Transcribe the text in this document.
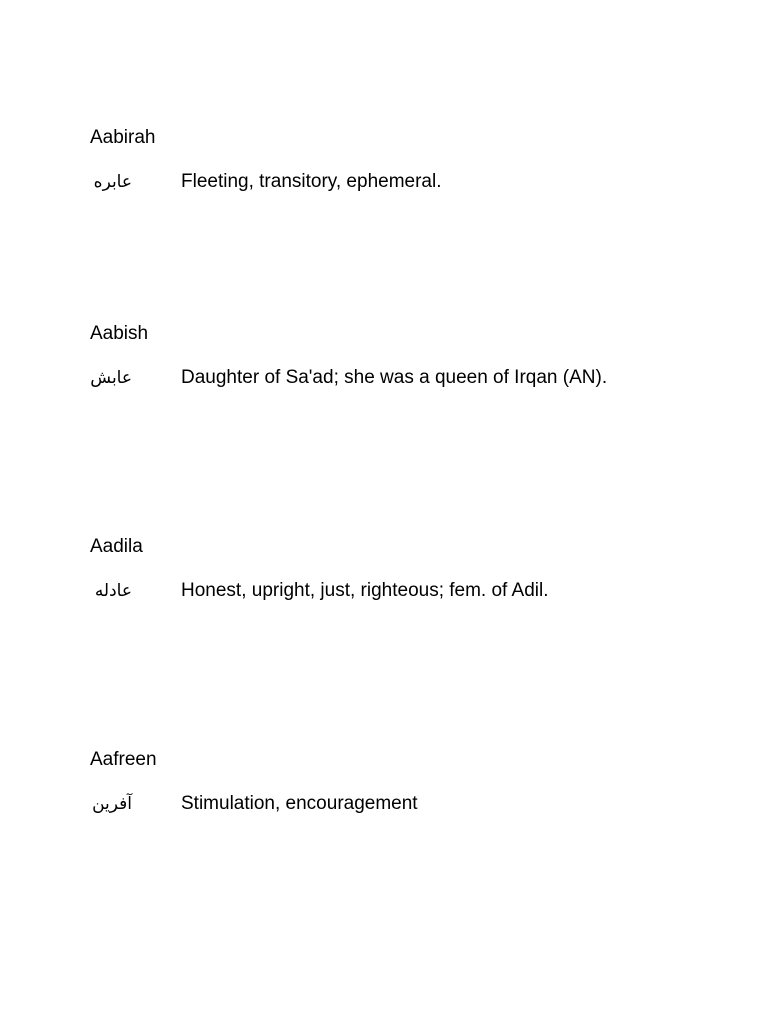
Aabirah
عابره	Fleeting, transitory, ephemeral.
Aabish
عابش	Daughter of Sa'ad; she was a queen of Irqan (AN).
Aadila
عادله	Honest, upright, just, righteous; fem. of Adil.
Aafreen
آفرین	Stimulation, encouragement
